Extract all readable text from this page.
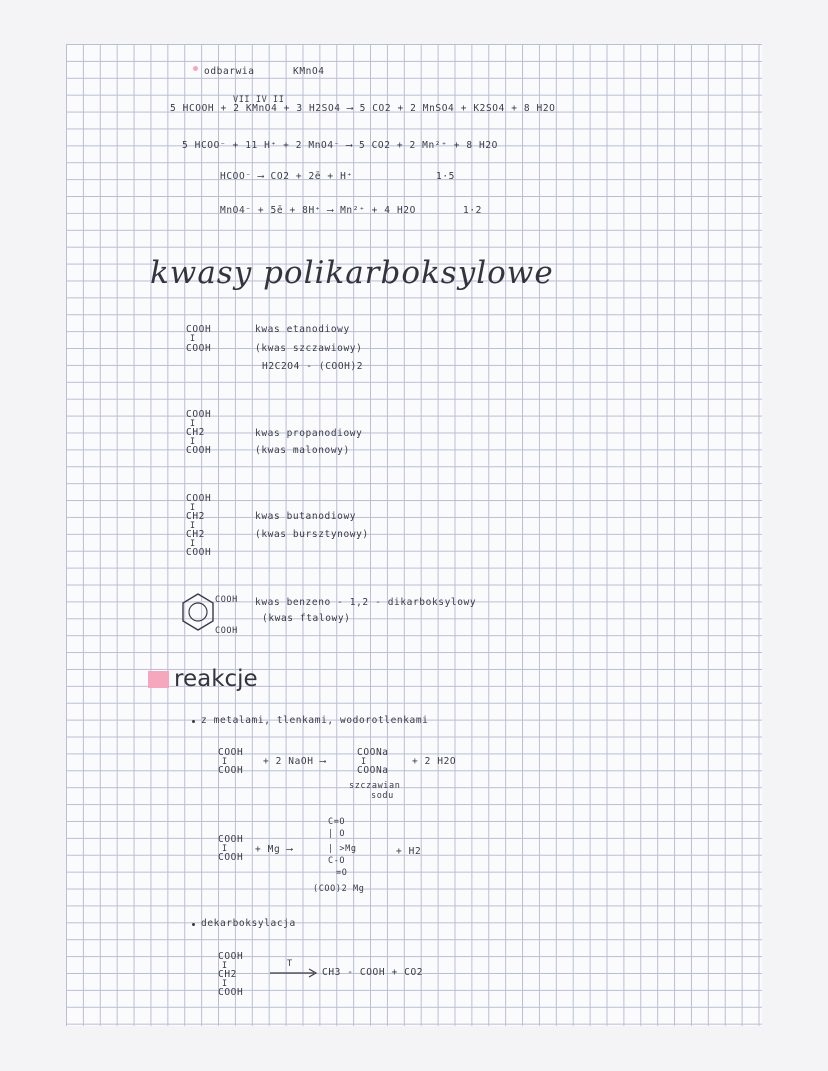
odbarwia	KMnO4
VII IV II
5 HCOOH + 2 KMnO4 + 3 H2SO4 ⟶ 5 CO2 + 2 MnSO4 + K2SO4 + 8 H2O
5 HCOO⁻ + 11 H⁺ + 2 MnO4⁻ ⟶ 5 CO2 + 2 Mn²⁺ + 8 H2O
HCOO⁻ ⟶ CO2 + 2ē + H⁺	1·5
MnO4⁻ + 5ē + 8H⁺ ⟶ Mn²⁺ + 4 H2O	1·2
kwasy polikarboksylowe
COOH
I
COOH
kwas etanodiowy
(kwas szczawiowy)
H2C2O4 - (COOH)2
COOH
I
CH2
I
COOH
kwas propanodiowy
(kwas malonowy)
COOH
I
CH2
I
CH2
I
COOH
kwas butanodiowy
(kwas bursztynowy)
COOH
COOH
kwas benzeno - 1,2 - dikarboksylowy
(kwas ftalowy)
reakcje
z metalami, tlenkami, wodorotlenkami
COOH
I
COOH
+ 2 NaOH ⟶
COONa
I
COONa
+ 2 H2O
szczawian
sodu
COOH
I
COOH
+ Mg ⟶
C=O
| O
| >Mg
C-O
=O
+ H2
(COO)2 Mg
dekarboksylacja
COOH
I
CH2
I
COOH
T
CH3 - COOH + CO2
